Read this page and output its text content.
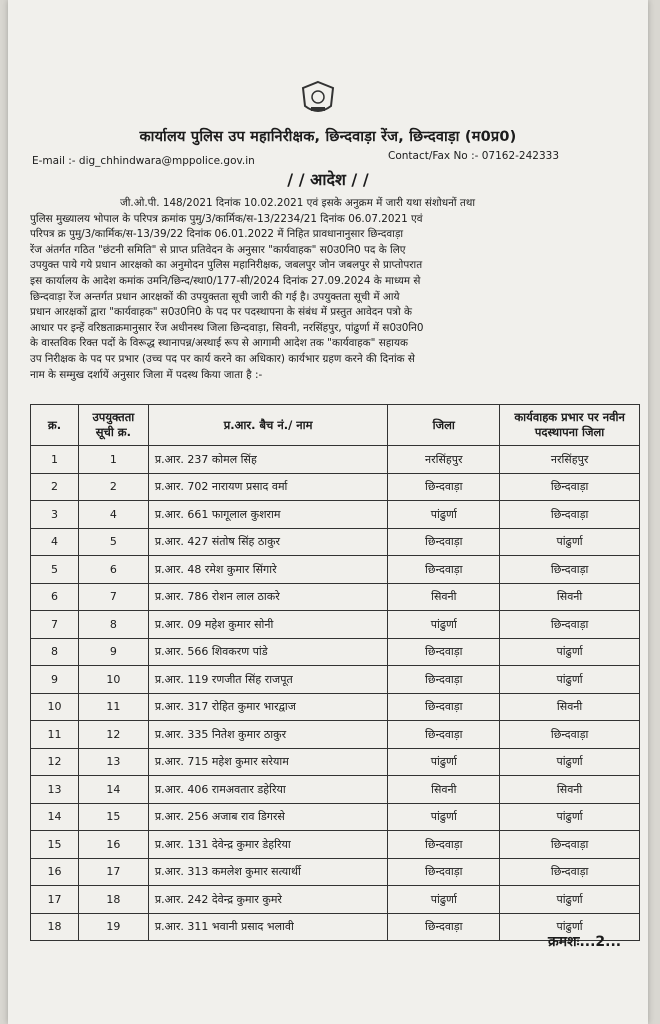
कार्यालय पुलिस उप महानिरीक्षक, छिन्दवाड़ा रेंज, छिन्दवाड़ा (म0प्र0)
Contact/Fax No :- 07162-242333
E-mail :- dig_chhindwara@mppolice.gov.in
/ / आदेश / /
जी.ओ.पी. 148/2021 दिनांक 10.02.2021 एवं इसके अनुक्रम में जारी यथा संशोधनों तथा
पुलिस मुख्यालय भोपाल के परिपत्र क्रमांक पुमु/3/कार्मिक/स-13/2234/21 दिनांक 06.07.2021 एवं
परिपत्र क्र पुमु/3/कार्मिक/स-13/39/22 दिनांक 06.01.2022 में निहित प्रावधानानुसार छिन्दवाड़ा
रेंज अंतर्गत गठित "छंटनी समिति" से प्राप्त प्रतिवेदन के अनुसार "कार्यवाहक" स0उ0नि0 पद के लिए
उपयुक्त पाये गये प्रधान आरक्षको का अनुमोदन पुलिस महानिरीक्षक, जबलपुर जोन जबलपुर से प्राप्तोपरात
इस कार्यालय के आदेश कमांक उमनि/छिन्द/स्था0/177-सी/2024 दिनांक 27.09.2024 के माध्यम से
छिन्दवाड़ा रेंज अन्तर्गत प्रधान आरक्षकों की उपयुक्तता सूची जारी की गई है। उपयुक्तता सूची में आये
प्रधान आरक्षकों द्वारा "कार्यवाहक" स0उ0नि0 के पद पर पदस्थापना के संबंध में प्रस्तुत आवेदन पत्रो के
आधार पर इन्हें वरिष्ठताक्रमानुसार रेंज अधीनस्थ जिला छिन्दवाड़ा, सिवनी, नरसिंहपुर, पांढुर्णा में स0उ0नि0
के वास्तविक रिक्त पदों के विरूद्ध स्थानापन्न/अस्थाई रूप से आगामी आदेश तक "कार्यवाहक" सहायक
उप निरीक्षक के पद पर प्रभार (उच्च पद पर कार्य करने का अधिकार) कार्यभार ग्रहण करने की दिनांक से
नाम के सम्मुख दर्शायें अनुसार जिला में पदस्थ किया जाता है :-
क्र.	उपयुक्तता सूची क्र.	प्र.आर. बैच नं./ नाम	जिला	कार्यवाहक प्रभार पर नवीन पदस्थापना जिला
1	1	प्र.आर. 237 कोमल सिंह	नरसिंहपुर	नरसिंहपुर
2	2	प्र.आर. 702 नारायण प्रसाद वर्मा	छिन्दवाड़ा	छिन्दवाड़ा
3	4	प्र.आर. 661 फागूलाल कुशराम	पांढुर्णा	छिन्दवाड़ा
4	5	प्र.आर. 427 संतोष सिंह ठाकुर	छिन्दवाड़ा	पांढुर्णा
5	6	प्र.आर. 48 रमेश कुमार सिंगारे	छिन्दवाड़ा	छिन्दवाड़ा
6	7	प्र.आर. 786 रोशन लाल ठाकरे	सिवनी	सिवनी
7	8	प्र.आर. 09 महेश कुमार सोनी	पांढुर्णा	छिन्दवाड़ा
8	9	प्र.आर. 566 शिवकरण पांडे	छिन्दवाड़ा	पांढुर्णा
9	10	प्र.आर. 119 रणजीत सिंह राजपूत	छिन्दवाड़ा	पांढुर्णा
10	11	प्र.आर. 317 रोहित कुमार भारद्वाज	छिन्दवाड़ा	सिवनी
11	12	प्र.आर. 335 नितेश कुमार ठाकुर	छिन्दवाड़ा	छिन्दवाड़ा
12	13	प्र.आर. 715 महेश कुमार सरेयाम	पांढुर्णा	पांढुर्णा
13	14	प्र.आर. 406 रामअवतार डहेरिया	सिवनी	सिवनी
14	15	प्र.आर. 256 अजाब राव डिगरसे	पांढुर्णा	पांढुर्णा
15	16	प्र.आर. 131 देवेन्द्र कुमार डेहरिया	छिन्दवाड़ा	छिन्दवाड़ा
16	17	प्र.आर. 313 कमलेश कुमार सत्यार्थी	छिन्दवाड़ा	छिन्दवाड़ा
17	18	प्र.आर. 242 देवेन्द्र कुमार कुमरे	पांढुर्णा	पांढुर्णा
18	19	प्र.आर. 311 भवानी प्रसाद भलावी	छिन्दवाड़ा	पांढुर्णा
क्रमशः...2...
